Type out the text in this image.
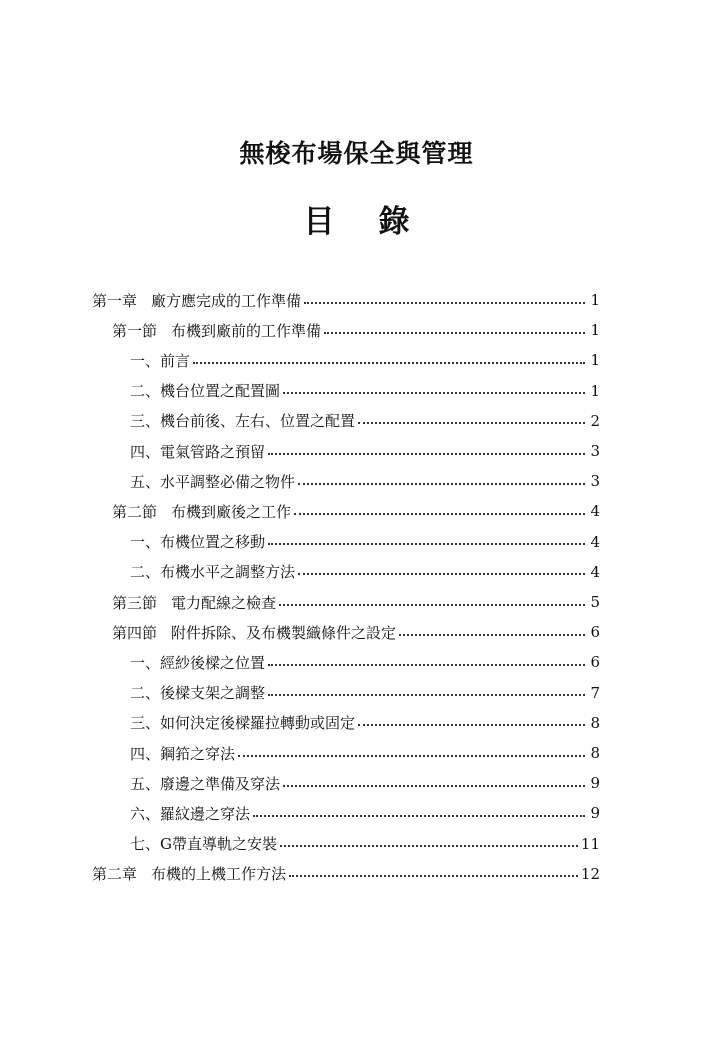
無梭布場保全與管理
目錄
第一章 廠方應完成的工作準備	1
第一節 布機到廠前的工作準備	1
一、前言	1
二、機台位置之配置圖	1
三、機台前後、左右、位置之配置	2
四、電氣管路之預留	3
五、水平調整必備之物件	3
第二節 布機到廠後之工作	4
一、布機位置之移動	4
二、布機水平之調整方法	4
第三節 電力配線之檢查	5
第四節 附件拆除、及布機製織條件之設定	6
一、經紗後樑之位置	6
二、後樑支架之調整	7
三、如何決定後樑羅拉轉動或固定	8
四、鋼筘之穿法	8
五、廢邊之準備及穿法	9
六、羅紋邊之穿法	9
七、G帶直導軌之安裝	11
第二章 布機的上機工作方法	12
